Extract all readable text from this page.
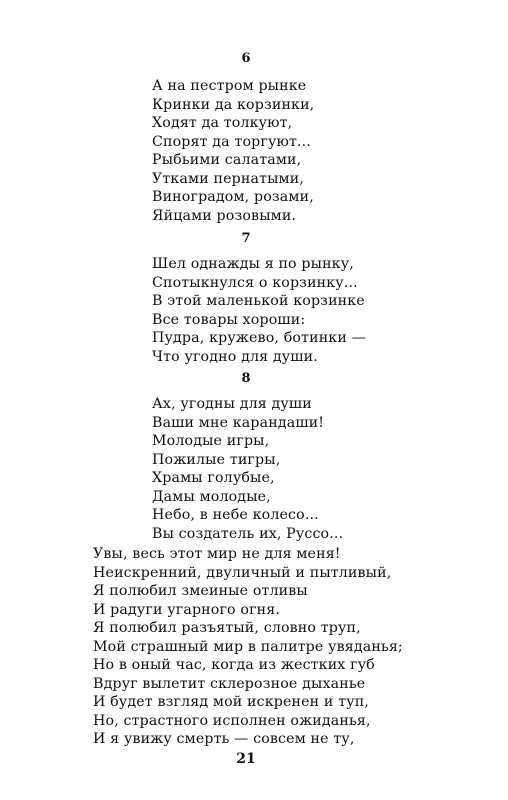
6
А на пестром рынке
Кринки да корзинки,
Ходят да толкуют,
Спорят да торгуют...
Рыбьими салатами,
Утками пернатыми,
Виноградом, розами,
Яйцами розовыми.
7
Шел однажды я по рынку,
Спотыкнулся о корзинку...
В этой маленькой корзинке
Все товары хороши:
Пудра, кружево, ботинки —
Что угодно для души.
8
Ах, угодны для души
Ваши мне карандаши!
Молодые игры,
Пожилые тигры,
Храмы голубые,
Дамы молодые,
Небо, в небе колесо...
Вы создатель их, Руссо...
Увы, весь этот мир не для меня!
Неискренний, двуличный и пытливый,
Я полюбил змеиные отливы
И радуги угарного огня.
Я полюбил разъятый, словно труп,
Мой страшный мир в палитре увяданья;
Но в оный час, когда из жестких губ
Вдруг вылетит склерозное дыханье
И будет взгляд мой искренен и туп,
Но, страстного исполнен ожиданья,
И я увижу смерть — совсем не ту,
21
